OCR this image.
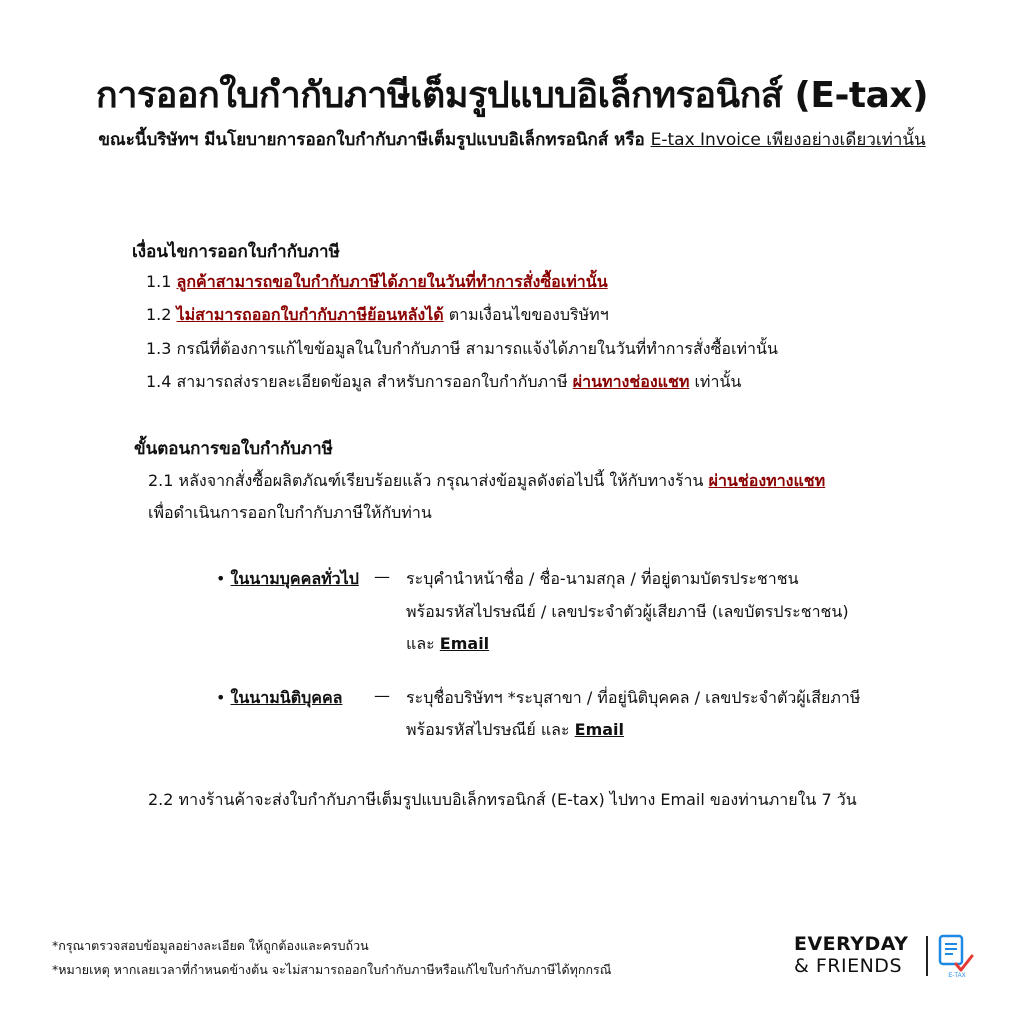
การออกใบกำกับภาษีเต็มรูปแบบอิเล็กทรอนิกส์ (E-tax)
ขณะนี้บริษัทฯ มีนโยบายการออกใบกำกับภาษีเต็มรูปแบบอิเล็กทรอนิกส์ หรือ E-tax Invoice เพียงอย่างเดียวเท่านั้น
เงื่อนไขการออกใบกำกับภาษี
1.1 ลูกค้าสามารถขอใบกำกับภาษีได้ภายในวันที่ทำการสั่งซื้อเท่านั้น
1.2 ไม่สามารถออกใบกำกับภาษีย้อนหลังได้ ตามเงื่อนไขของบริษัทฯ
1.3 กรณีที่ต้องการแก้ไขข้อมูลในใบกำกับภาษี สามารถแจ้งได้ภายในวันที่ทำการสั่งซื้อเท่านั้น
1.4 สามารถส่งรายละเอียดข้อมูล สำหรับการออกใบกำกับภาษี ผ่านทางช่องแชท เท่านั้น
ขั้นตอนการขอใบกำกับภาษี
2.1 หลังจากสั่งซื้อผลิตภัณฑ์เรียบร้อยแล้ว กรุณาส่งข้อมูลดังต่อไปนี้ ให้กับทางร้าน ผ่านช่องทางแชท
เพื่อดำเนินการออกใบกำกับภาษีให้กับท่าน
• ในนามบุคคลทั่วไป — ระบุคำนำหน้าชื่อ / ชื่อ-นามสกุล / ที่อยู่ตามบัตรประชาชน
พร้อมรหัสไปรษณีย์ / เลขประจำตัวผู้เสียภาษี (เลขบัตรประชาชน)
และ Email
• ในนามนิติบุคคล — ระบุชื่อบริษัทฯ *ระบุสาขา / ที่อยู่นิติบุคคล / เลขประจำตัวผู้เสียภาษี
พร้อมรหัสไปรษณีย์ และ Email
2.2 ทางร้านค้าจะส่งใบกำกับภาษีเต็มรูปแบบอิเล็กทรอนิกส์ (E-tax) ไปทาง Email ของท่านภายใน 7 วัน
*กรุณาตรวจสอบข้อมูลอย่างละเอียด ให้ถูกต้องและครบถ้วน
*หมายเหตุ หากเลยเวลาที่กำหนดข้างต้น จะไม่สามารถออกใบกำกับภาษีหรือแก้ไขใบกำกับภาษีได้ทุกกรณี
EVERYDAY
& FRIENDS	E-TAX
